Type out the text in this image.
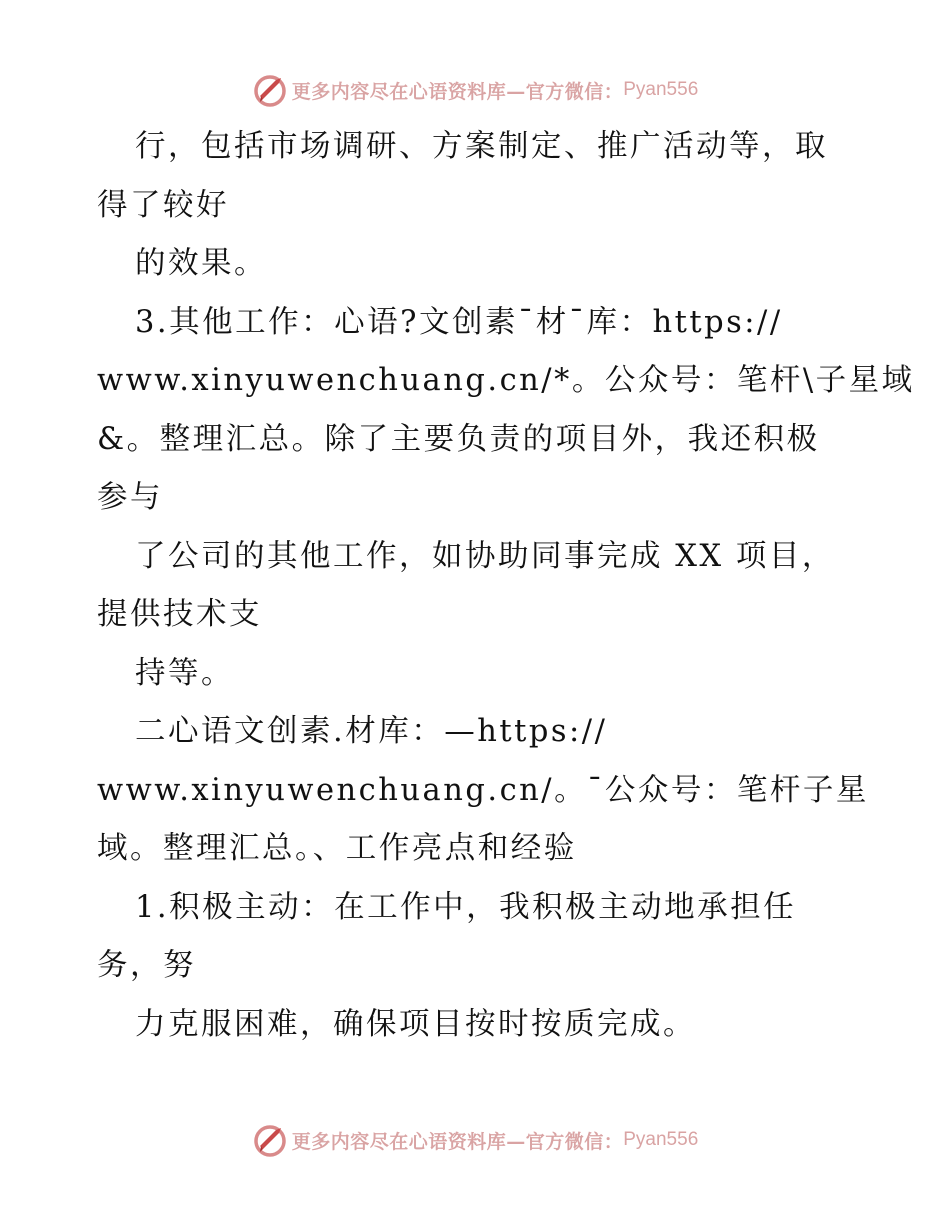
更多内容尽在心语资料库—官方微信： Pyan556
行，包括市场调研、方案制定、推广活动等，取
得了较好
的效果。
3.其他工作：心语?文创素¯材¯库：https://
www.xinyuwenchuang.cn/*。公众号：笔杆\子星域
&。整理汇总。除了主要负责的项目外，我还积极
参与
了公司的其他工作，如协助同事完成 XX 项目，
提供技术支
持等。
二心语文创素.材库：—https://
www.xinyuwenchuang.cn/。¯公众号：笔杆子星
域。整理汇总。、工作亮点和经验
1.积极主动：在工作中，我积极主动地承担任
务，努
力克服困难，确保项目按时按质完成。
更多内容尽在心语资料库—官方微信： Pyan556
